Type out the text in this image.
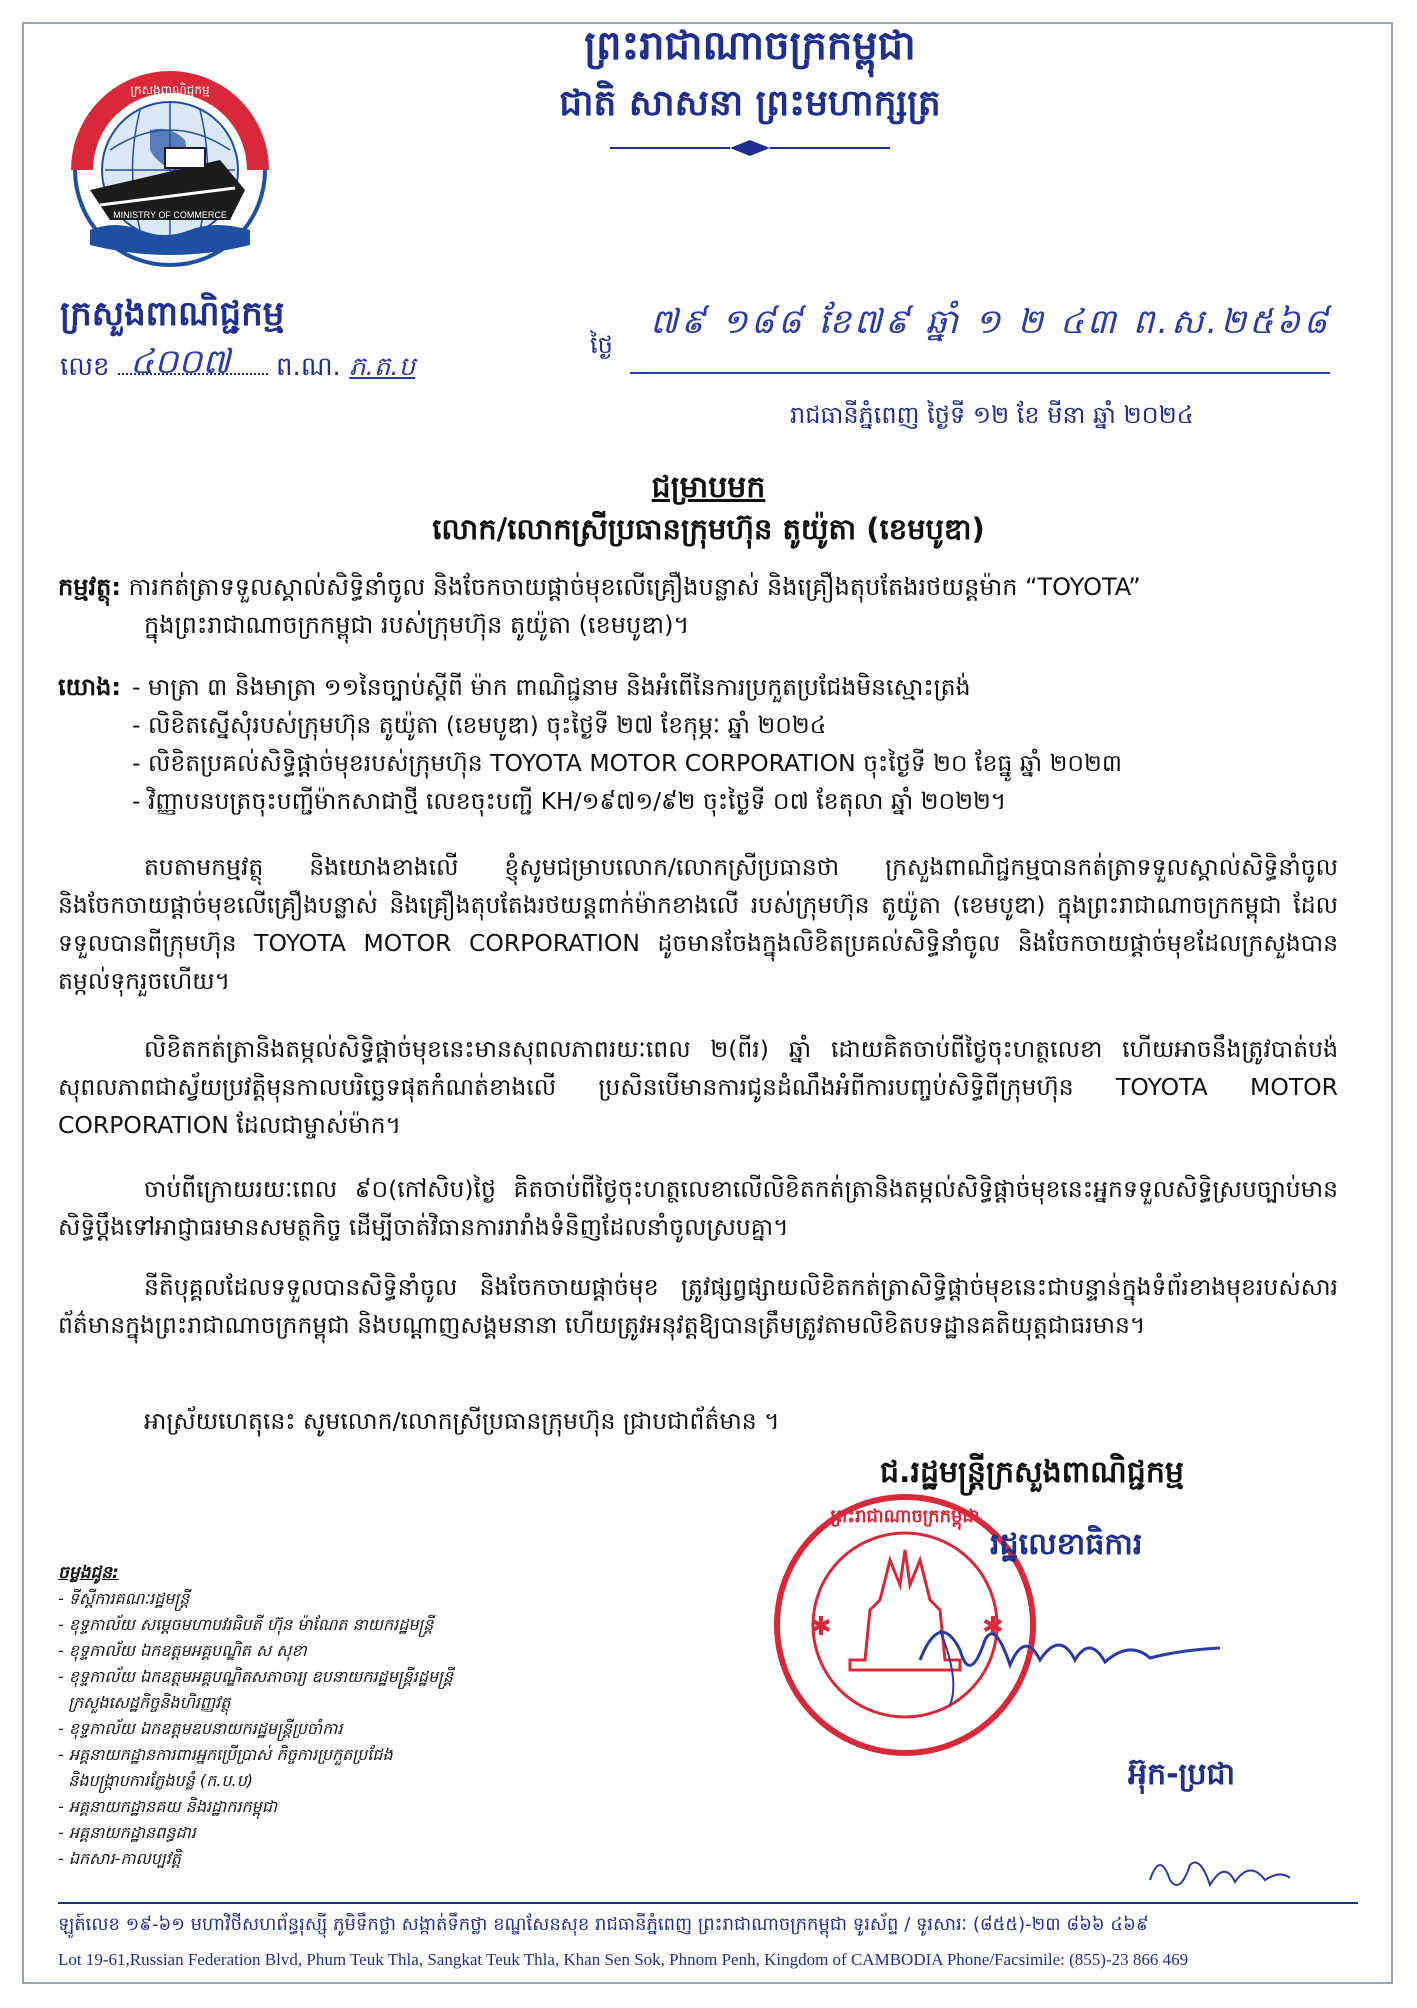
MINISTRY OF COMMERCE
ក្រសួងពាណិជ្ជកម្ម
ព្រះរាជាណាចក្រកម្ពុជា
ជាតិ សាសនា ព្រះមហាក្សត្រ
ក្រសួងពាណិជ្ជកម្ម
លេខ	ព.ណ. ភ.ត.ប
៤០០៧	ថ្ងៃ
៧៩ ១៨៨ ខែ៧៩ ឆ្នាំ ១ ២ ៤៣ ព.ស.២៥៦៨
រាជធានីភ្នំពេញ ថ្ងៃទី ១២ ខែ មីនា ឆ្នាំ ២០២៤
ជម្រាបមក
លោក/លោកស្រីប្រធានក្រុមហ៊ុន តូយ៉ូតា (ខេមបូឌា)
កម្មវត្ថុ: ការកត់ត្រាទទួលស្គាល់សិទ្ធិនាំចូល និងចែកចាយផ្តាច់មុខលើគ្រឿងបន្លាស់ និងគ្រឿងតុបតែងរថយន្តម៉ាក “TOYOTA”
ក្នុងព្រះរាជាណាចក្រកម្ពុជា របស់ក្រុមហ៊ុន តូយ៉ូតា (ខេមបូឌា)។
យោង: - មាត្រា ៣ និងមាត្រា ១១នៃច្បាប់ស្តីពី ម៉ាក ពាណិជ្ជនាម និងអំពើនៃការប្រកួតប្រជែងមិនស្មោះត្រង់
- លិខិតស្នើសុំរបស់ក្រុមហ៊ុន តូយ៉ូតា (ខេមបូឌា) ចុះថ្ងៃទី ២៧ ខែកុម្ភៈ ឆ្នាំ ២០២៤
- លិខិតប្រគល់សិទ្ធិផ្តាច់មុខរបស់ក្រុមហ៊ុន TOYOTA MOTOR CORPORATION ចុះថ្ងៃទី ២០ ខែធ្នូ ឆ្នាំ ២០២៣
- វិញ្ញាបនបត្រចុះបញ្ជីម៉ាកសាជាថ្មី លេខចុះបញ្ជី KH/១៩៧១/៩២ ចុះថ្ងៃទី ០៧ ខែតុលា ឆ្នាំ ២០២២។
តបតាមកម្មវត្ថុ និងយោងខាងលើ ខ្ញុំសូមជម្រាបលោក/លោកស្រីប្រធានថា ក្រសួងពាណិជ្ជកម្មបានកត់ត្រាទទួលស្គាល់សិទ្ធិនាំចូល និងចែកចាយផ្តាច់មុខលើគ្រឿងបន្លាស់ និងគ្រឿងតុបតែងរថយន្តពាក់ម៉ាកខាងលើ របស់ក្រុមហ៊ុន តូយ៉ូតា (ខេមបូឌា) ក្នុងព្រះរាជាណាចក្រកម្ពុជា ដែលទទួលបានពីក្រុមហ៊ុន TOYOTA MOTOR CORPORATION ដូចមានចែងក្នុងលិខិតប្រគល់សិទ្ធិនាំចូល និងចែកចាយផ្តាច់មុខដែលក្រសួងបានតម្កល់ទុករួចហើយ។
លិខិតកត់ត្រានិងតម្កល់សិទ្ធិផ្តាច់មុខនេះមានសុពលភាពរយៈពេល ២(ពីរ) ឆ្នាំ ដោយគិតចាប់ពីថ្ងៃចុះហត្ថលេខា ហើយអាចនឹងត្រូវបាត់បង់សុពលភាពជាស្វ័យប្រវត្តិមុនកាលបរិច្ឆេទផុតកំណត់ខាងលើ ប្រសិនបើមានការជូនដំណឹងអំពីការបញ្ចប់សិទ្ធិពីក្រុមហ៊ុន TOYOTA MOTOR CORPORATION ដែលជាម្ចាស់ម៉ាក។
ចាប់ពីក្រោយរយៈពេល ៩០(កៅសិប)ថ្ងៃ គិតចាប់ពីថ្ងៃចុះហត្ថលេខាលើលិខិតកត់ត្រានិងតម្កល់សិទ្ធិផ្តាច់មុខនេះអ្នកទទួលសិទ្ធិស្របច្បាប់មានសិទ្ធិប្តឹងទៅអាជ្ញាធរមានសមត្ថកិច្ច ដើម្បីចាត់វិធានការរារាំងទំនិញដែលនាំចូលស្របគ្នា។
នីតិបុគ្គលដែលទទួលបានសិទ្ធិនាំចូល និងចែកចាយផ្តាច់មុខ ត្រូវផ្សព្វផ្សាយលិខិតកត់ត្រាសិទ្ធិផ្តាច់មុខនេះជាបន្ទាន់ក្នុងទំព័រខាងមុខរបស់សារព័ត៌មានក្នុងព្រះរាជាណាចក្រកម្ពុជា និងបណ្តាញសង្គមនានា ហើយត្រូវអនុវត្តឱ្យបានត្រឹមត្រូវតាមលិខិតបទដ្ឋានគតិយុត្តជាធរមាន។
អាស្រ័យហេតុនេះ សូមលោក/លោកស្រីប្រធានក្រុមហ៊ុន ជ្រាបជាព័ត៌មាន ។
ជ.រដ្ឋមន្ត្រីក្រសួងពាណិជ្ជកម្ម
✱	✱
ព្រះរាជាណាចក្រកម្ពុជា
រដ្ឋលេខាធិការ
អ៊ុក-ប្រជា
ចម្លងជូន:
- ទីស្តីការគណៈរដ្ឋមន្ត្រី
- ខុទ្ទកាល័យ សម្តេចមហាបវរធិបតី ហ៊ុន ម៉ាណែត នាយករដ្ឋមន្ត្រី
- ខុទ្ទកាល័យ ឯកឧត្តមអគ្គបណ្ឌិត ស សុខា
- ខុទ្ទកាល័យ ឯកឧត្តមអគ្គបណ្ឌិតសភាចារ្យ ឧបនាយករដ្ឋមន្ត្រីរដ្ឋមន្ត្រី
ក្រសួងសេដ្ឋកិច្ចនិងហិរញ្ញវត្ថុ
- ខុទ្ទកាល័យ ឯកឧត្តមឧបនាយករដ្ឋមន្ត្រីប្រចាំការ
- អគ្គនាយកដ្ឋានការពារអ្នកប្រើប្រាស់ កិច្ចការប្រកួតប្រជែង
និងបង្ក្រាបការក្លែងបន្លំ (ក.ប.ប)
- អគ្គនាយកដ្ឋានគយ និងរដ្ឋាករកម្ពុជា
- អគ្គនាយកដ្ឋានពន្ធដារ
- ឯកសារ-កាលប្បវត្តិ
ឡូត៍លេខ ១៩-៦១ មហាវិថីសហព័ន្ធរុស្ស៊ី ភូមិទឹកថ្លា សង្កាត់ទឹកថ្លា ខណ្ឌសែនសុខ រាជធានីភ្នំពេញ ព្រះរាជាណាចក្រកម្ពុជា ទូរស័ព្ទ / ទូរសារៈ (៨៥៥)-២៣ ៨៦៦ ៤៦៩
Lot 19-61,Russian Federation Blvd, Phum Teuk Thla, Sangkat Teuk Thla, Khan Sen Sok, Phnom Penh, Kingdom of CAMBODIA Phone/Facsimile: (855)-23 866 469
